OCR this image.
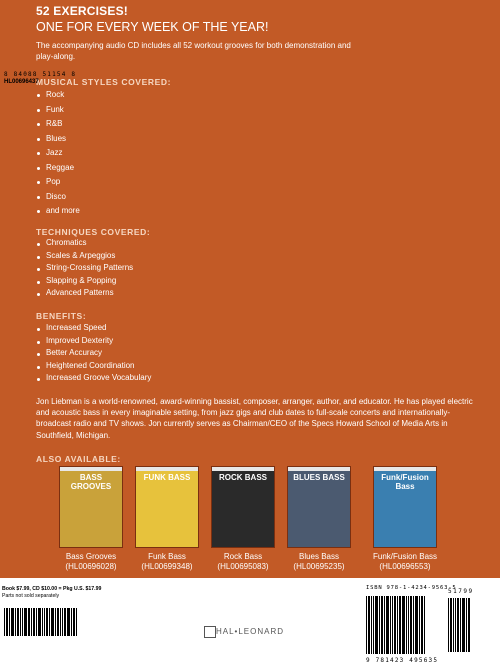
52 EXERCISES!
ONE FOR EVERY WEEK OF THE YEAR!
The accompanying audio CD includes all 52 workout grooves for both demonstration and play-along.
MUSICAL STYLES COVERED:
Rock
Funk
R&B
Blues
Jazz
Reggae
Pop
Disco
and more
TECHNIQUES COVERED:
Chromatics
Scales & Arpeggios
String-Crossing Patterns
Slapping & Popping
Advanced Patterns
BENEFITS:
Increased Speed
Improved Dexterity
Better Accuracy
Heightened Coordination
Increased Groove Vocabulary
Jon Liebman is a world-renowned, award-winning bassist, composer, arranger, author, and educator. He has played electric and acoustic bass in every imaginable setting, from jazz gigs and club dates to full-scale concerts and internationally-broadcast radio and TV shows. Jon currently serves as Chairman/CEO of the Specs Howard School of Media Arts in Southfield, Michigan.
ALSO AVAILABLE:
BASS GROOVES
Bass Grooves
(HL00696028)
FUNK BASS
Funk Bass
(HL00699348)
ROCK BASS
Rock Bass
(HL00695083)
BLUES BASS
Blues Bass
(HL00695235)
Funk/Fusion Bass
Funk/Fusion Bass
(HL00696553)
Book $7.99, CD $10.00 = Pkg U.S. $17.99
Parts not sold separately
8 84088 51154 8
HL00696437
HAL•LEONARD
ISBN 978-1-4234-9563-5
51799
9 781423 495635
